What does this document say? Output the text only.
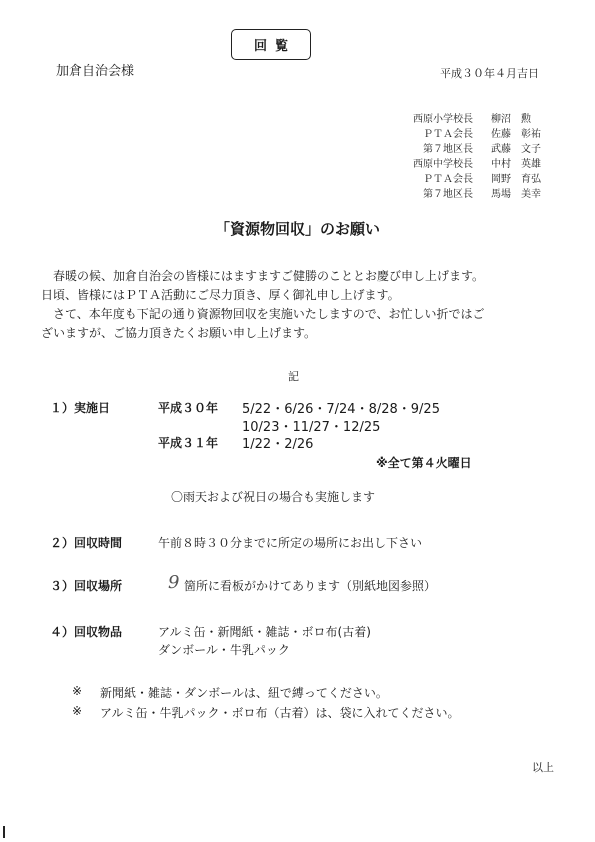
回覧
加倉自治会様	平成３０年４月吉日
西原小学校長 柳沼　勲
ＰＴＡ会長 佐藤　彰祐
第７地区長 武藤　文子
西原中学校長 中村　英雄
ＰＴＡ会長 岡野　育弘
第７地区長 馬場　美幸
「資源物回収」のお願い
春暖の候、加倉自治会の皆様にはますますご健勝のこととお慶び申し上げます。
日頃、皆様にはＰＴＡ活動にご尽力頂き、厚く御礼申し上げます。
さて、本年度も下記の通り資源物回収を実施いたしますので、お忙しい折ではご
ざいますが、ご協力頂きたくお願い申し上げます。
記
１）実施日	平成３０年 5/22・6/26・7/24・8/28・9/25
10/23・11/27・12/25
平成３１年 1/22・2/26
※全て第４火曜日
〇雨天および祝日の場合も実施します
２）回収時間	午前８時３０分までに所定の場所にお出し下さい
３）回収場所	9 箇所に看板がかけてあります（別紙地図参照）
４）回収物品	アルミ缶・新聞紙・雑誌・ボロ布(古着)
ダンボール・牛乳パック
※ 新聞紙・雑誌・ダンボールは、紐で縛ってください。
※ アルミ缶・牛乳パック・ボロ布（古着）は、袋に入れてください。
以上
